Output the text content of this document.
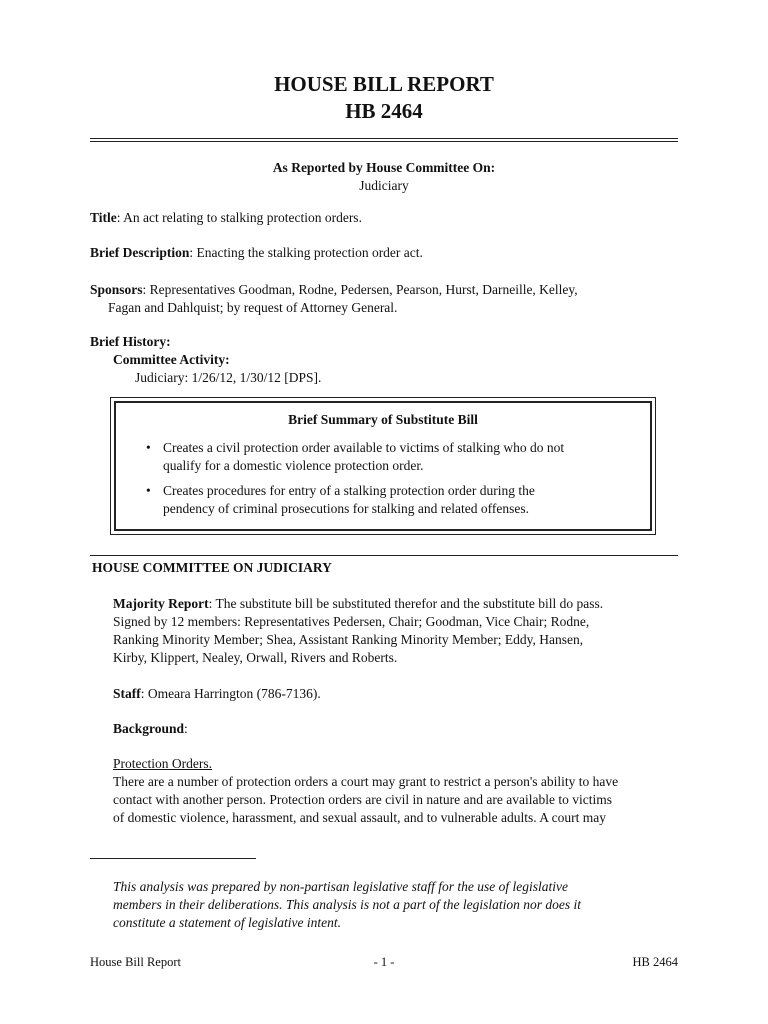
HOUSE BILL REPORT
HB 2464
As Reported by House Committee On:
Judiciary
Title: An act relating to stalking protection orders.
Brief Description: Enacting the stalking protection order act.
Sponsors: Representatives Goodman, Rodne, Pedersen, Pearson, Hurst, Darneille, Kelley,
Fagan and Dahlquist; by request of Attorney General.
Brief History:
Committee Activity:
Judiciary: 1/26/12, 1/30/12 [DPS].
Brief Summary of Substitute Bill
• Creates a civil protection order available to victims of stalking who do not
qualify for a domestic violence protection order.
• Creates procedures for entry of a stalking protection order during the
pendency of criminal prosecutions for stalking and related offenses.
HOUSE COMMITTEE ON JUDICIARY
Majority Report: The substitute bill be substituted therefor and the substitute bill do pass.
Signed by 12 members: Representatives Pedersen, Chair; Goodman, Vice Chair; Rodne,
Ranking Minority Member; Shea, Assistant Ranking Minority Member; Eddy, Hansen,
Kirby, Klippert, Nealey, Orwall, Rivers and Roberts.
Staff: Omeara Harrington (786-7136).
Background:
Protection Orders.
There are a number of protection orders a court may grant to restrict a person's ability to have
contact with another person. Protection orders are civil in nature and are available to victims
of domestic violence, harassment, and sexual assault, and to vulnerable adults. A court may
This analysis was prepared by non-partisan legislative staff for the use of legislative
members in their deliberations. This analysis is not a part of the legislation nor does it
constitute a statement of legislative intent.
House Bill Report	- 1 -	HB 2464
